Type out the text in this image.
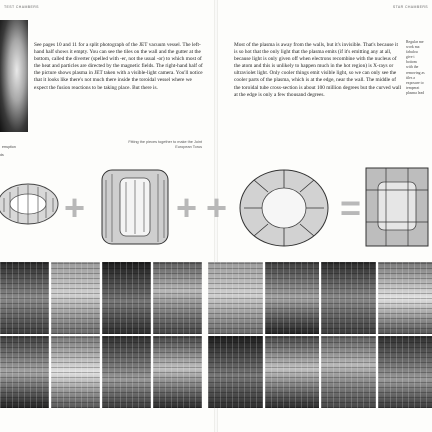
TEST CHAMBERS	STAR CHAMBERS
erruption
ds
See pages 10 and 11 for a split photograph of the JET vacuum vessel. The left-hand half shows it empty. You can see the tiles on the wall and the gutter at the bottom, called the diverter (spelled with -er, not the usual -or) to which most of the heat and particles are directed by the magnetic fields. The right-hand half of the picture shows plasma in JET taken with a visible-light camera. You'll notice that it looks like there's not much there inside the toroidal vessel where we expect the fusion reactions to be taking place. But there is.
Fitting the pieces together to make the Joint European Torus
+	+
Most of the plasma is away from the walls, but it's invisible. That's because it is so hot that the only light that the plasma emits (if it's emitting any at all, because light is only given off when electrons recombine with the nucleus of the atom and this is unlikely to happen much in the hot region) is X-rays or ultraviolet light. Only cooler things emit visible light, so we can only see the cooler parts of the plasma, which is at the edge, near the wall. The middle of the toroidal tube cross-section is about 100 million degrees but the curved wall at the edge is only a few thousand degrees.
Regular me
work ma
fabulou
give t
bottom
with the
removing as
tiles a
exposure to
temperat
plasma lead
+	=
